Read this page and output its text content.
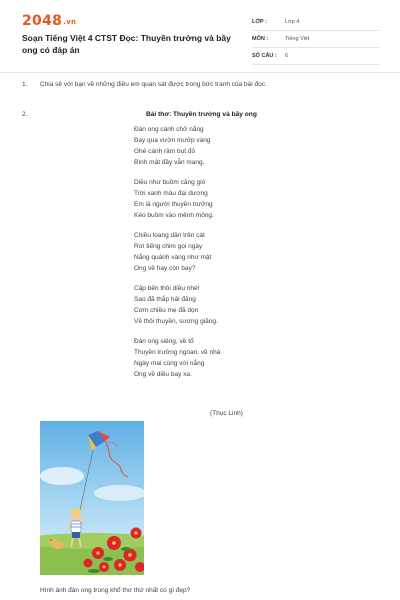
2048.vn
Soạn Tiếng Việt 4 CTST Đọc: Thuyền trưởng và bầy ong có đáp án
LỚP :	Lớp 4
MÔN :	Tiếng Việt
SỐ CÂU :	6
1. Chia sẻ với bạn về những điều em quan sát được trong bức tranh của bài đọc.
2.	Bài thơ: Thuyền trưởng và bầy ong
Đàn ong cánh chở nắng
Bay qua vườn mướp vàng
Ghé cánh râm bụt đỏ
Bình mật đầy vẫn mang.
Diều như buồm căng gió
Trời xanh màu đại dương
Em là người thuyền trưởng
Kéo buồm vào mênh mông.
Chiều loang dần trên cát
Rơi tiếng chim gọi ngày
Nắng quánh vàng như mật
Ong về hay còn bay?
Cập bến thôi diều nhé!
Sao đã thắp hải đăng
Cơm chiều mẹ đã dọn
Về thôi thuyền, sương giăng.
Đàn ong siêng, về tổ
Thuyền trưởng ngoan, về nhà
Ngày mai cùng với nắng
Ong về diều bay xa.
(Thục Linh)
Hình ảnh đàn ong trong khổ thơ thứ nhất có gì đẹp?
